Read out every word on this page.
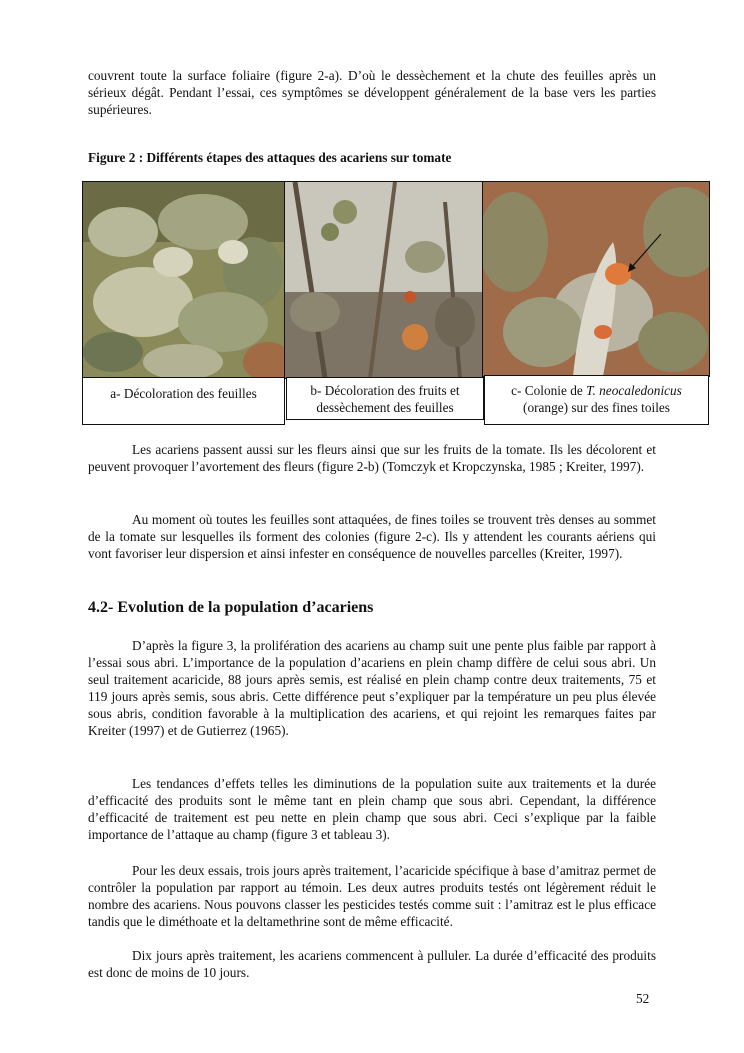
couvrent toute la surface foliaire (figure 2-a). D’où le dessèchement et la chute des feuilles après un sérieux dégât. Pendant l’essai, ces symptômes se développent généralement de la base vers les parties supérieures.
Figure 2 : Différents étapes des attaques des acariens sur tomate
a- Décoloration des feuilles	b- Décoloration des fruits et dessèchement des feuilles
c- Colonie de T. neocaledonicus
(orange) sur des fines toiles
Les acariens passent aussi sur les fleurs ainsi que sur les fruits de la tomate. Ils les décolorent et peuvent provoquer l’avortement des fleurs (figure 2-b) (Tomczyk et Kropczynska, 1985 ; Kreiter, 1997).
Au moment où toutes les feuilles sont attaquées, de fines toiles se trouvent très denses au sommet de la tomate sur lesquelles ils forment des colonies (figure 2-c). Ils y attendent les courants aériens qui vont favoriser leur dispersion et ainsi infester en conséquence de nouvelles parcelles (Kreiter, 1997).
4.2- Evolution de la population d’acariens
D’après la figure 3, la prolifération des acariens au champ suit une pente plus faible par rapport à l’essai sous abri. L’importance de la population d’acariens en plein champ diffère de celui sous abri. Un seul traitement acaricide, 88 jours après semis, est réalisé en plein champ contre deux traitements, 75 et 119 jours après semis, sous abris. Cette différence peut s’expliquer par la température un peu plus élevée sous abris, condition favorable à la multiplication des acariens, et qui rejoint les remarques faites par Kreiter (1997) et de Gutierrez (1965).
Les tendances d’effets telles les diminutions de la population suite aux traitements et la durée d’efficacité des produits sont le même tant en plein champ que sous abri. Cependant, la différence d’efficacité de traitement est peu nette en plein champ que sous abri. Ceci s’explique par la faible importance de l’attaque au champ (figure 3 et tableau 3).
Pour les deux essais, trois jours après traitement, l’acaricide spécifique à base d’amitraz permet de contrôler la population par rapport au témoin. Les deux autres produits testés ont légèrement réduit le nombre des acariens. Nous pouvons classer les pesticides testés comme suit : l’amitraz est le plus efficace tandis que le diméthoate et la deltamethrine sont de même efficacité.
Dix jours après traitement, les acariens commencent à pulluler. La durée d’efficacité des produits est donc de moins de 10 jours.
52
